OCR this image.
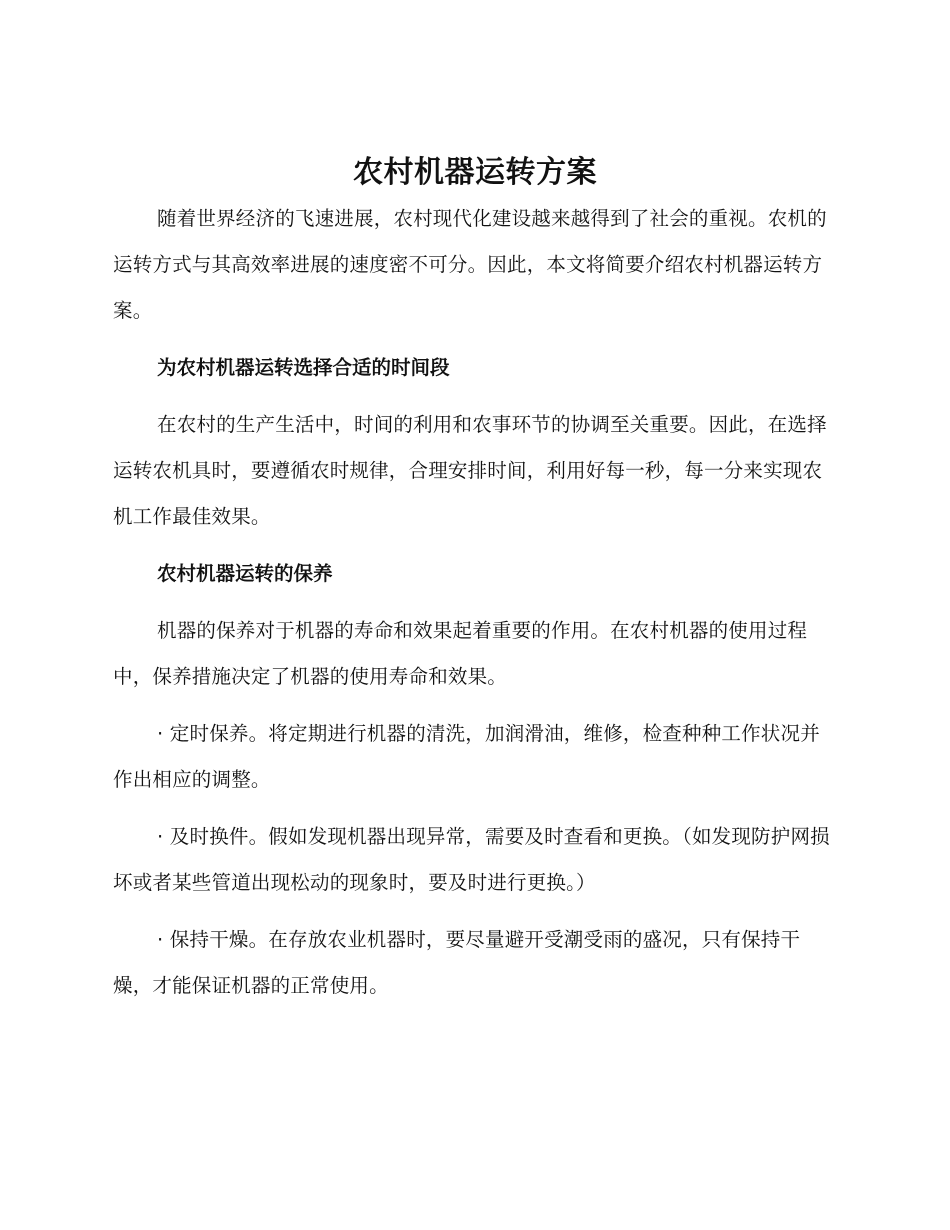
农村机器运转方案

随着世界经济的飞速进展，农村现代化建设越来越得到了社会的重视。农机的运转方式与其高效率进展的速度密不可分。因此，本文将简要介绍农村机器运转方案。

为农村机器运转选择合适的时间段

在农村的生产生活中，时间的利用和农事环节的协调至关重要。因此，在选择运转农机具时，要遵循农时规律，合理安排时间，利用好每一秒，每一分来实现农机工作最佳效果。

农村机器运转的保养

机器的保养对于机器的寿命和效果起着重要的作用。在农村机器的使用过程中，保养措施决定了机器的使用寿命和效果。

· 定时保养。将定期进行机器的清洗，加润滑油，维修，检查种种工作状况并作出相应的调整。

· 及时换件。假如发现机器出现异常，需要及时查看和更换。（如发现防护网损坏或者某些管道出现松动的现象时，要及时进行更换。）

· 保持干燥。在存放农业机器时，要尽量避开受潮受雨的盛况，只有保持干燥，才能保证机器的正常使用。
